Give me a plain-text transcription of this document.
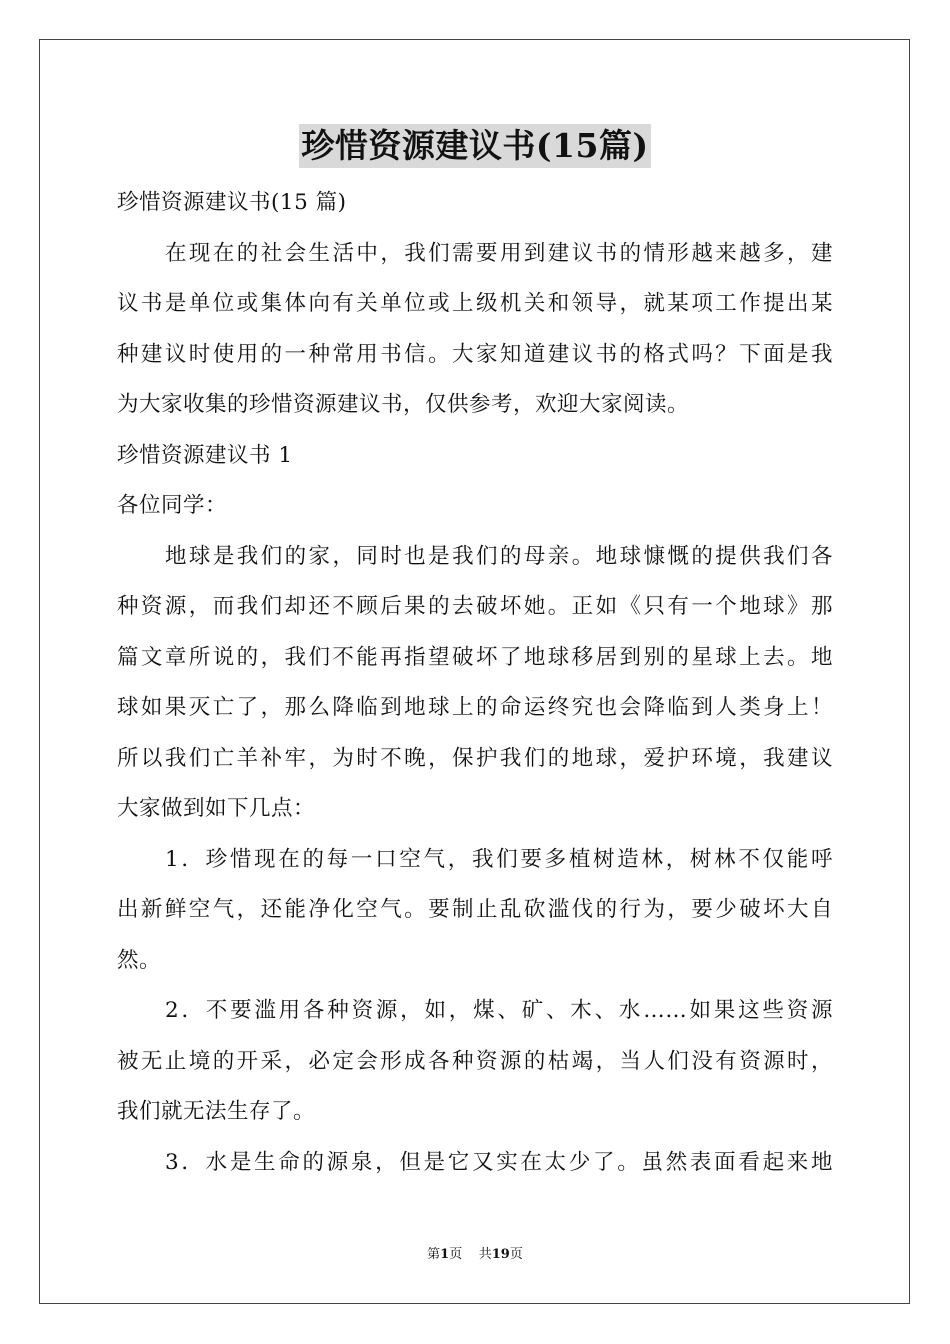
珍惜资源建议书(15篇)
珍惜资源建议书(15 篇)
在现在的社会生活中，我们需要用到建议书的情形越来越多，建
议书是单位或集体向有关单位或上级机关和领导，就某项工作提出某
种建议时使用的一种常用书信。大家知道建议书的格式吗？下面是我
为大家收集的珍惜资源建议书，仅供参考，欢迎大家阅读。
珍惜资源建议书 1
各位同学：
地球是我们的家，同时也是我们的母亲。地球慷慨的提供我们各
种资源，而我们却还不顾后果的去破坏她。正如《只有一个地球》那
篇文章所说的，我们不能再指望破坏了地球移居到别的星球上去。地
球如果灭亡了，那么降临到地球上的命运终究也会降临到人类身上！
所以我们亡羊补牢，为时不晚，保护我们的地球，爱护环境，我建议
大家做到如下几点：
1．珍惜现在的每一口空气，我们要多植树造林，树林不仅能呼
出新鲜空气，还能净化空气。要制止乱砍滥伐的行为，要少破坏大自
然。
2．不要滥用各种资源，如，煤、矿、木、水……如果这些资源
被无止境的开采，必定会形成各种资源的枯竭，当人们没有资源时，
我们就无法生存了。
3．水是生命的源泉，但是它又实在太少了。虽然表面看起来地
第1页 共19页
